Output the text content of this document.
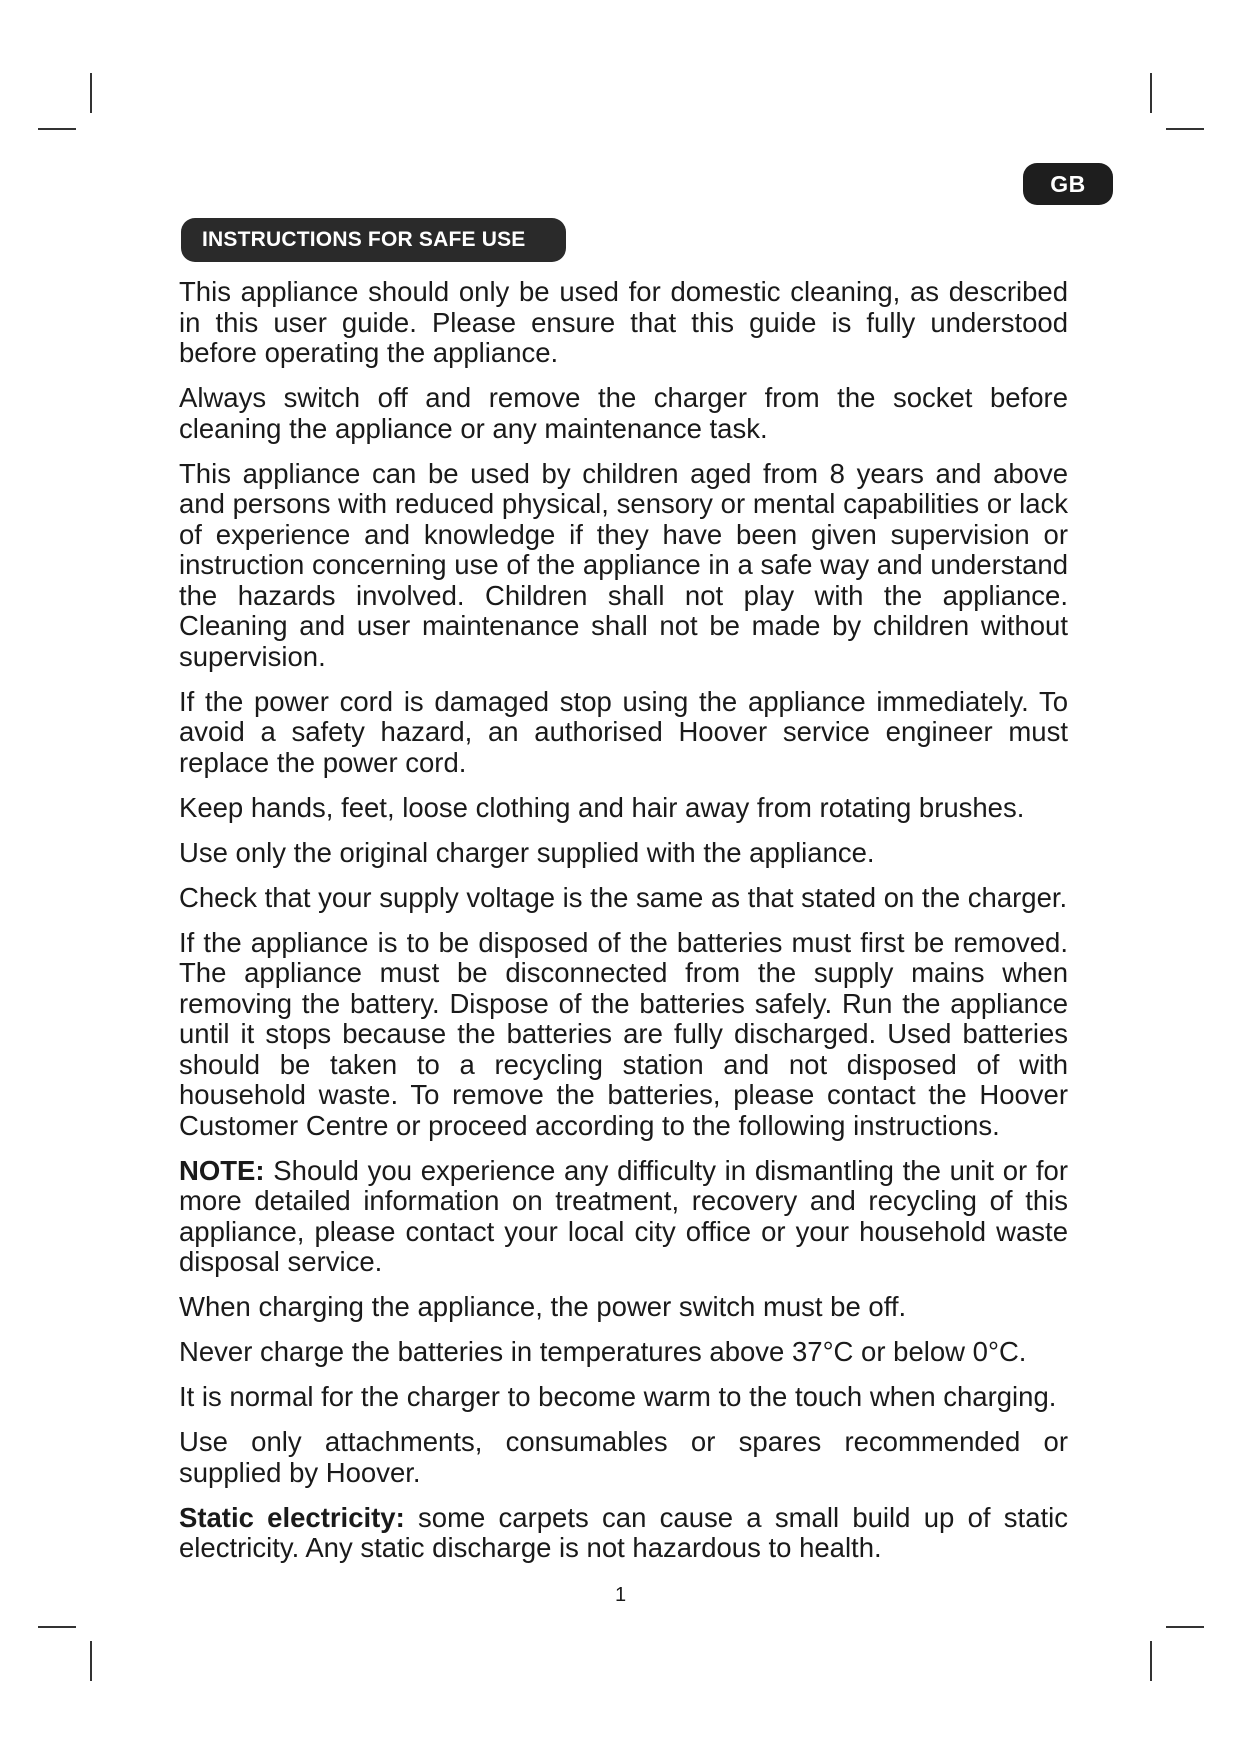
GB
INSTRUCTIONS FOR SAFE USE

This appliance should only be used for domestic cleaning, as described in this user guide. Please ensure that this guide is fully understood before operating the appliance.

Always switch off and remove the charger from the socket before cleaning the appliance or any maintenance task.

This appliance can be used by children aged from 8 years and above and persons with reduced physical, sensory or mental capabilities or lack of experience and knowledge if they have been given supervision or instruction concerning use of the appliance in a safe way and understand the hazards involved. Children shall not play with the appliance. Cleaning and user maintenance shall not be made by children without supervision.

If the power cord is damaged stop using the appliance immediately. To avoid a safety hazard, an authorised Hoover service engineer must replace the power cord.

Keep hands, feet, loose clothing and hair away from rotating brushes.

Use only the original charger supplied with the appliance.

Check that your supply voltage is the same as that stated on the charger.

If the appliance is to be disposed of the batteries must first be removed. The appliance must be disconnected from the supply mains when removing the battery. Dispose of the batteries safely. Run the appliance until it stops because the batteries are fully discharged. Used batteries should be taken to a recycling station and not disposed of with household waste. To remove the batteries, please contact the Hoover Customer Centre or proceed according to the following instructions.

NOTE: Should you experience any difficulty in dismantling the unit or for more detailed information on treatment, recovery and recycling of this appliance, please contact your local city office or your household waste disposal service.

When charging the appliance, the power switch must be off.

Never charge the batteries in temperatures above 37°C or below 0°C.

It is normal for the charger to become warm to the touch when charging.

Use only attachments, consumables or spares recommended or supplied by Hoover.

Static electricity: some carpets can cause a small build up of static electricity. Any static discharge is not hazardous to health.

1
